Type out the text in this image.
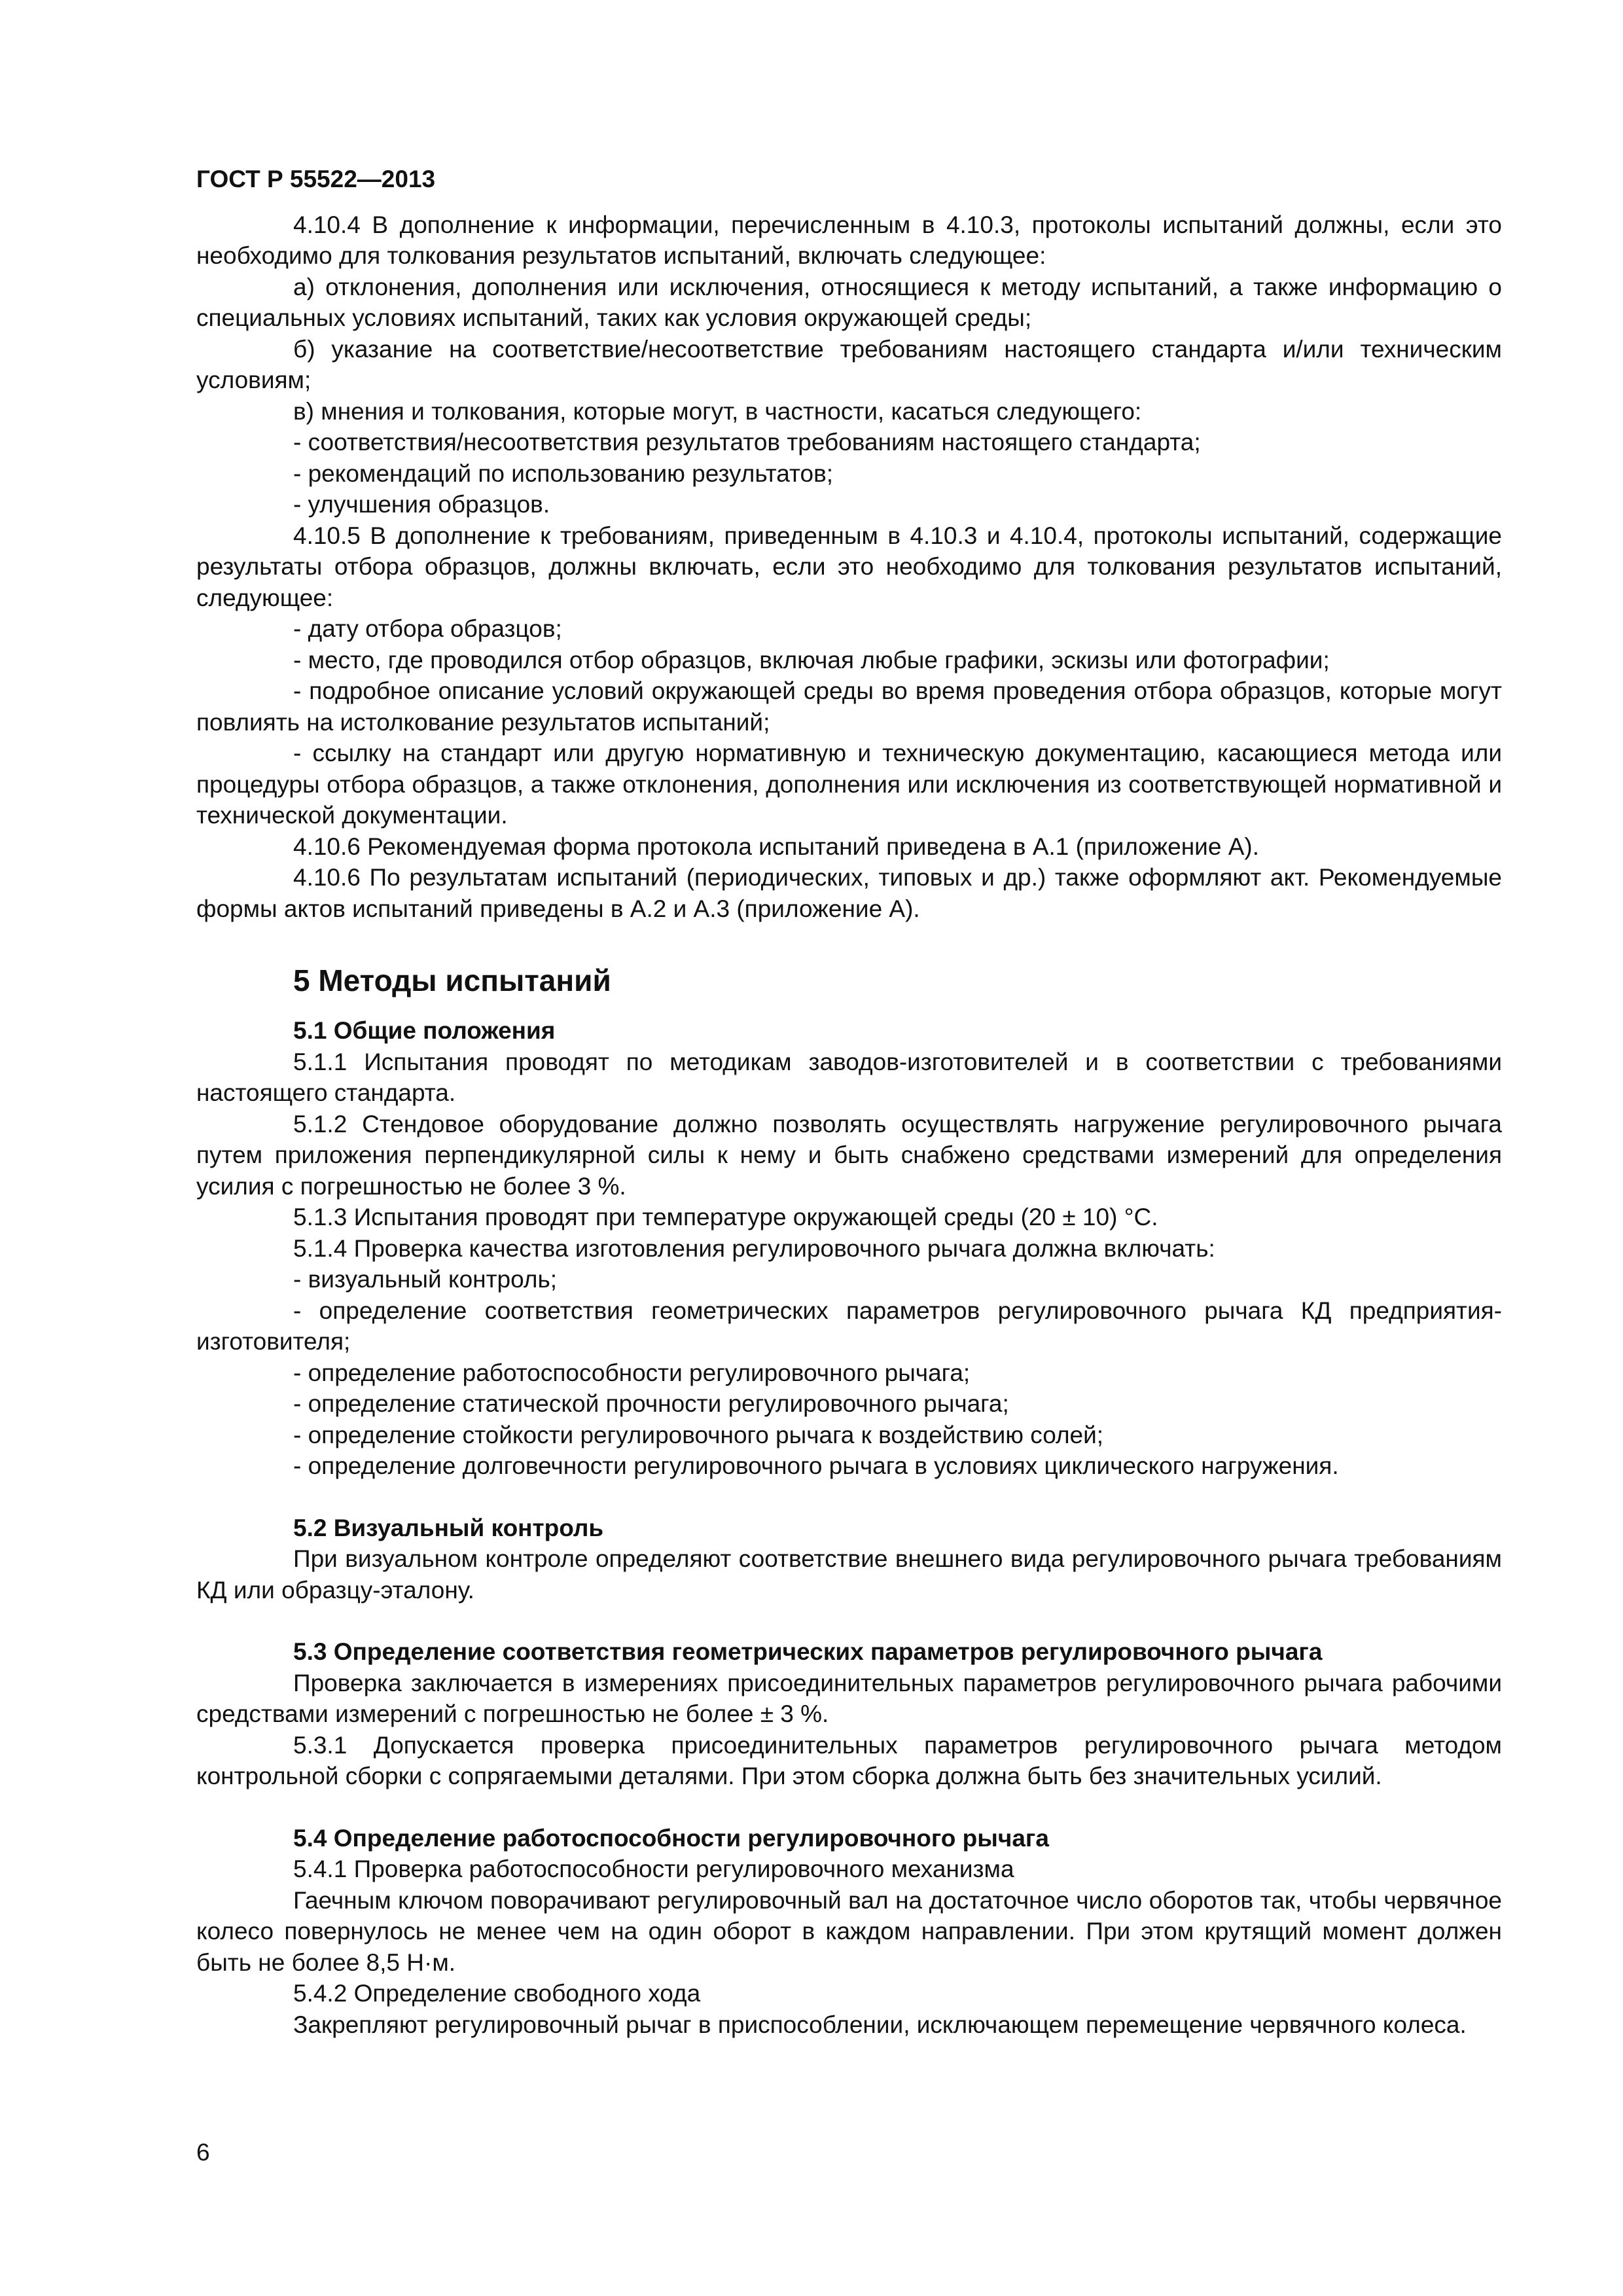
ГОСТ Р 55522—2013

4.10.4 В дополнение к информации, перечисленным в 4.10.3, протоколы испытаний должны, если это необходимо для толкования результатов испытаний, включать следующее:

а) отклонения, дополнения или исключения, относящиеся к методу испытаний, а также информацию о специальных условиях испытаний, таких как условия окружающей среды;

б) указание на соответствие/несоответствие требованиям настоящего стандарта и/или техническим условиям;

в) мнения и толкования, которые могут, в частности, касаться следующего:

- соответствия/несоответствия результатов требованиям настоящего стандарта;

- рекомендаций по использованию результатов;

- улучшения образцов.

4.10.5 В дополнение к требованиям, приведенным в 4.10.3 и 4.10.4, протоколы испытаний, содержащие результаты отбора образцов, должны включать, если это необходимо для толкования результатов испытаний, следующее:

- дату отбора образцов;

- место, где проводился отбор образцов, включая любые графики, эскизы или фотографии;

- подробное описание условий окружающей среды во время проведения отбора образцов, которые могут повлиять на истолкование результатов испытаний;

- ссылку на стандарт или другую нормативную и техническую документацию, касающиеся метода или процедуры отбора образцов, а также отклонения, дополнения или исключения из соответствующей нормативной и технической документации.

4.10.6 Рекомендуемая форма протокола испытаний приведена в А.1 (приложение А).

4.10.6 По результатам испытаний (периодических, типовых и др.) также оформляют акт. Рекомендуемые формы актов испытаний приведены в А.2 и А.3 (приложение А).

5 Методы испытаний

5.1 Общие положения

5.1.1 Испытания проводят по методикам заводов-изготовителей и в соответствии с требованиями настоящего стандарта.

5.1.2 Стендовое оборудование должно позволять осуществлять нагружение регулировочного рычага путем приложения перпендикулярной силы к нему и быть снабжено средствами измерений для определения усилия с погрешностью не более 3 %.

5.1.3 Испытания проводят при температуре окружающей среды (20 ± 10) °С.

5.1.4 Проверка качества изготовления регулировочного рычага должна включать:

- визуальный контроль;

- определение соответствия геометрических параметров регулировочного рычага КД предприятия-изготовителя;

- определение работоспособности регулировочного рычага;

- определение статической прочности регулировочного рычага;

- определение стойкости регулировочного рычага к воздействию солей;

- определение долговечности регулировочного рычага в условиях циклического нагружения.

5.2 Визуальный контроль

При визуальном контроле определяют соответствие внешнего вида регулировочного рычага требованиям КД или образцу-эталону.

5.3 Определение соответствия геометрических параметров регулировочного рычага

Проверка заключается в измерениях присоединительных параметров регулировочного рычага рабочими средствами измерений с погрешностью не более ± 3 %.

5.3.1 Допускается проверка присоединительных параметров регулировочного рычага методом контрольной сборки с сопрягаемыми деталями. При этом сборка должна быть без значительных усилий.

5.4 Определение работоспособности регулировочного рычага

5.4.1 Проверка работоспособности регулировочного механизма

Гаечным ключом поворачивают регулировочный вал на достаточное число оборотов так, чтобы червячное колесо повернулось не менее чем на один оборот в каждом направлении. При этом крутящий момент должен быть не более 8,5 Н·м.

5.4.2 Определение свободного хода

Закрепляют регулировочный рычаг в приспособлении, исключающем перемещение червячного колеса.

6
